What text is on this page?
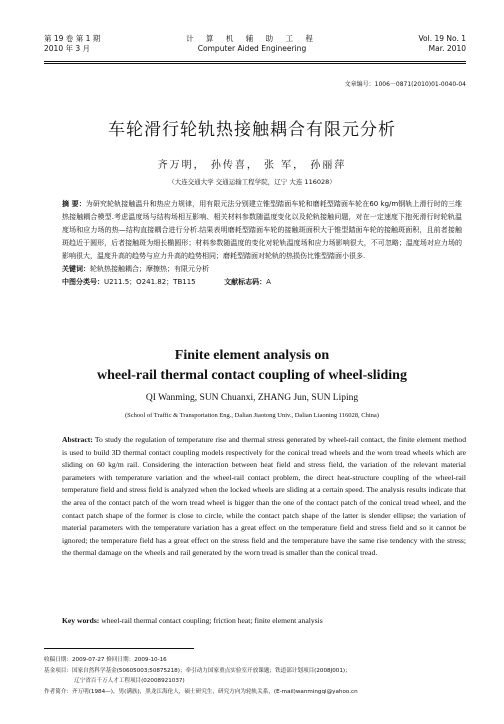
第 19 卷 第 1 期
2010 年 3 月
计 算 机 辅 助 工 程
Computer Aided Engineering
Vol. 19 No. 1
Mar. 2010
文章编号：1006－0871(2010)01-0040-04
车轮滑行轮轨热接触耦合有限元分析
齐万明， 孙传喜， 张 军， 孙丽萍
（大连交通大学 交通运输工程学院，辽宁 大连 116028）
摘 要：为研究轮轨接触温升和热应力规律，用有限元法分别建立锥型踏面车轮和磨耗型踏面车轮在60 kg/m钢轨上滑行时的三维热接触耦合模型.考虑温度场与结构场相互影响、相关材料参数随温度变化以及轮轨接触问题，对在一定速度下抱死滑行时轮轨温度场和应力场的热—结构直接耦合进行分析.结果表明磨耗型踏面车轮的接触斑面积大于锥型踏面车轮的接触斑面积，且前者接触斑趋近于圆形，后者接触斑为细长椭圆形；材料参数随温度的变化对轮轨温度场和应力场影响很大，不可忽略；温度场对应力场的影响很大，温度升高的趋势与应力升高的趋势相同；磨耗型踏面对轮轨的热损伤比锥型踏面小很多.
关键词：轮轨热接触耦合；摩擦热；有限元分析
中图分类号：U211.5；O241.82；TB115	文献标志码：A
Finite element analysis on
wheel-rail thermal contact coupling of wheel-sliding
QI Wanming, SUN Chuanxi, ZHANG Jun, SUN Liping
(School of Traffic & Transportation Eng., Dalian Jiaotong Univ., Dalian Liaoning 116028, China)
Abstract: To study the regulation of temperature rise and thermal stress generated by wheel-rail contact, the finite element method is used to build 3D thermal contact coupling models respectively for the conical tread wheels and the worn tread wheels which are sliding on 60 kg/m rail. Considering the interaction between heat field and stress field, the variation of the relevant material parameters with temperature variation and the wheel-rail contact problem, the direct heat-structure coupling of the wheel-rail temperature field and stress field is analyzed when the locked wheels are sliding at a certain speed. The analysis results indicate that the area of the contact patch of the worn tread wheel is higger than the one of the contact patch of the conical tread wheel, and the contact patch shape of the former is close to circle, while the contact patch shape of the latter is slender ellipse; the variation of material parameters with the temperature variation has a great effect on the temperature field and stress field and so it cannot be ignored; the temperature field has a great effect on the stress field and the temperature have the same rise tendency with the stress; the thermal damage on the wheels and rail generated by the worn tread is smaller than the conical tread.
Key words: wheel-rail thermal contact coupling; friction heat; finite element analysis
收稿日期：2009-07-27 修回日期：2009-10-16
基金项目：国家自然科学基金(50605003;50875218)；牵引动力国家重点实验室开放课题；铁道部计划项目(2008J001)；
辽宁省百千万人才工程项目(02008921037)
作者简介：齐万明(1984—)，男(满族)，黑龙江海伦人，硕士研究生，研究方向为轮轨关系，(E-mail)wanmingqi@yahoo.cn
